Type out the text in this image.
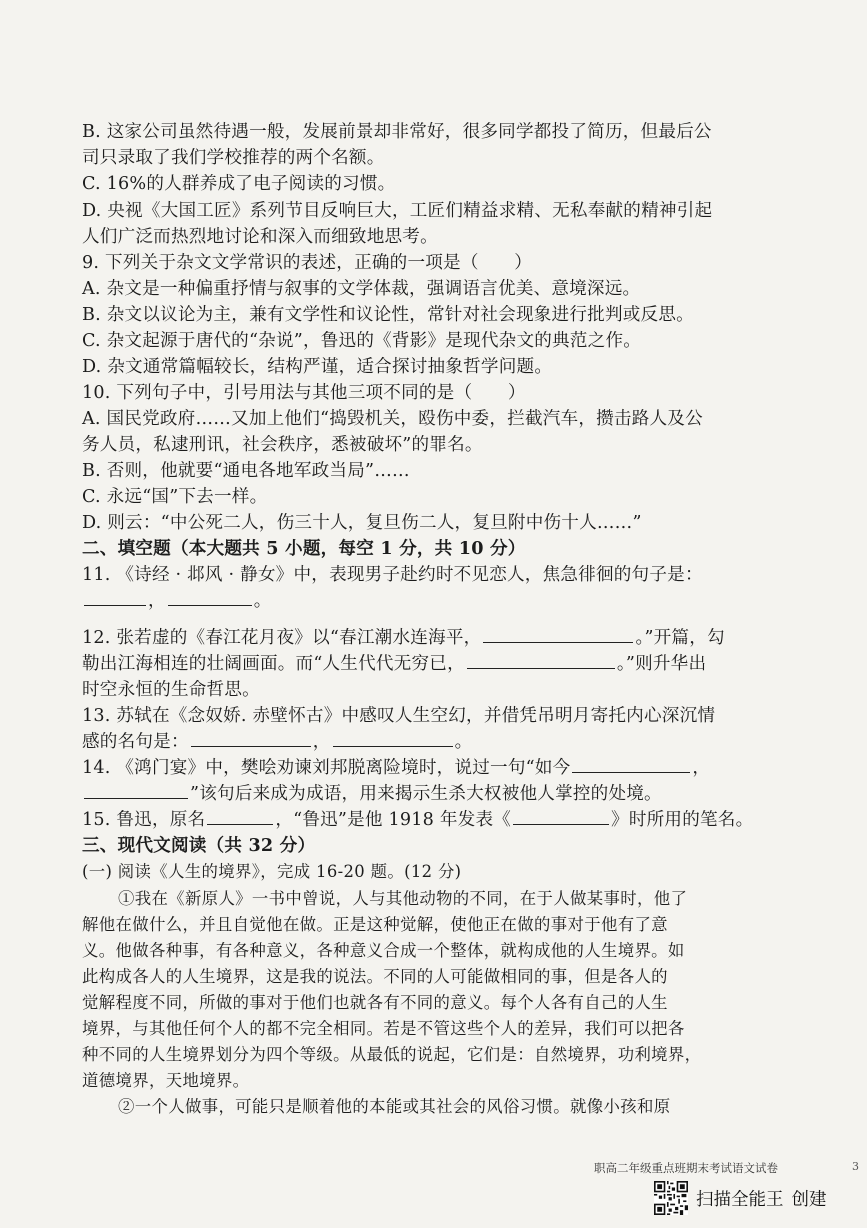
B. 这家公司虽然待遇一般，发展前景却非常好，很多同学都投了简历，但最后公
司只录取了我们学校推荐的两个名额。
C. 16%的人群养成了电子阅读的习惯。
D. 央视《大国工匠》系列节目反响巨大，工匠们精益求精、无私奉献的精神引起
人们广泛而热烈地讨论和深入而细致地思考。
9. 下列关于杂文文学常识的表述，正确的一项是（　　）
A. 杂文是一种偏重抒情与叙事的文学体裁，强调语言优美、意境深远。
B. 杂文以议论为主，兼有文学性和议论性，常针对社会现象进行批判或反思。
C. 杂文起源于唐代的“杂说”，鲁迅的《背影》是现代杂文的典范之作。
D. 杂文通常篇幅较长，结构严谨，适合探讨抽象哲学问题。
10. 下列句子中，引号用法与其他三项不同的是（　　）
A. 国民党政府……又加上他们“捣毁机关，殴伤中委，拦截汽车，攒击路人及公
务人员，私逮刑讯，社会秩序，悉被破坏”的罪名。
B. 否则，他就要“通电各地军政当局”……
C. 永远“国”下去一样。
D. 则云：“中公死二人，伤三十人，复旦伤二人，复旦附中伤十人……”
二、填空题（本大题共 5 小题，每空 1 分，共 10 分）
11. 《诗经 · 邶风 · 静女》中，表现男子赴约时不见恋人，焦急徘徊的句子是：
，	。
12. 张若虚的《春江花月夜》以“春江潮水连海平，	。”开篇，勾
勒出江海相连的壮阔画面。而“人生代代无穷已，	。”则升华出
时空永恒的生命哲思。
13. 苏轼在《念奴娇. 赤壁怀古》中感叹人生空幻，并借凭吊明月寄托内心深沉情
感的名句是：	，	。
14. 《鸿门宴》中，樊哙劝谏刘邦脱离险境时，说过一句“如今	，
”该句后来成为成语，用来揭示生杀大权被他人掌控的处境。
15. 鲁迅，原名	，“鲁迅”是他 1918 年发表《	》时所用的笔名。
三、现代文阅读（共 32 分）
(一) 阅读《人生的境界》，完成 16-20 题。(12 分)
①我在《新原人》一书中曾说，人与其他动物的不同，在于人做某事时，他了
解他在做什么，并且自觉他在做。正是这种觉解，使他正在做的事对于他有了意
义。他做各种事，有各种意义，各种意义合成一个整体，就构成他的人生境界。如
此构成各人的人生境界，这是我的说法。不同的人可能做相同的事，但是各人的
觉解程度不同，所做的事对于他们也就各有不同的意义。每个人各有自己的人生
境界，与其他任何个人的都不完全相同。若是不管这些个人的差异，我们可以把各
种不同的人生境界划分为四个等级。从最低的说起，它们是：自然境界，功利境界，
道德境界，天地境界。
②一个人做事，可能只是顺着他的本能或其社会的风俗习惯。就像小孩和原
职高二年级重点班期末考试语文试卷	3
扫描全能王 创建
